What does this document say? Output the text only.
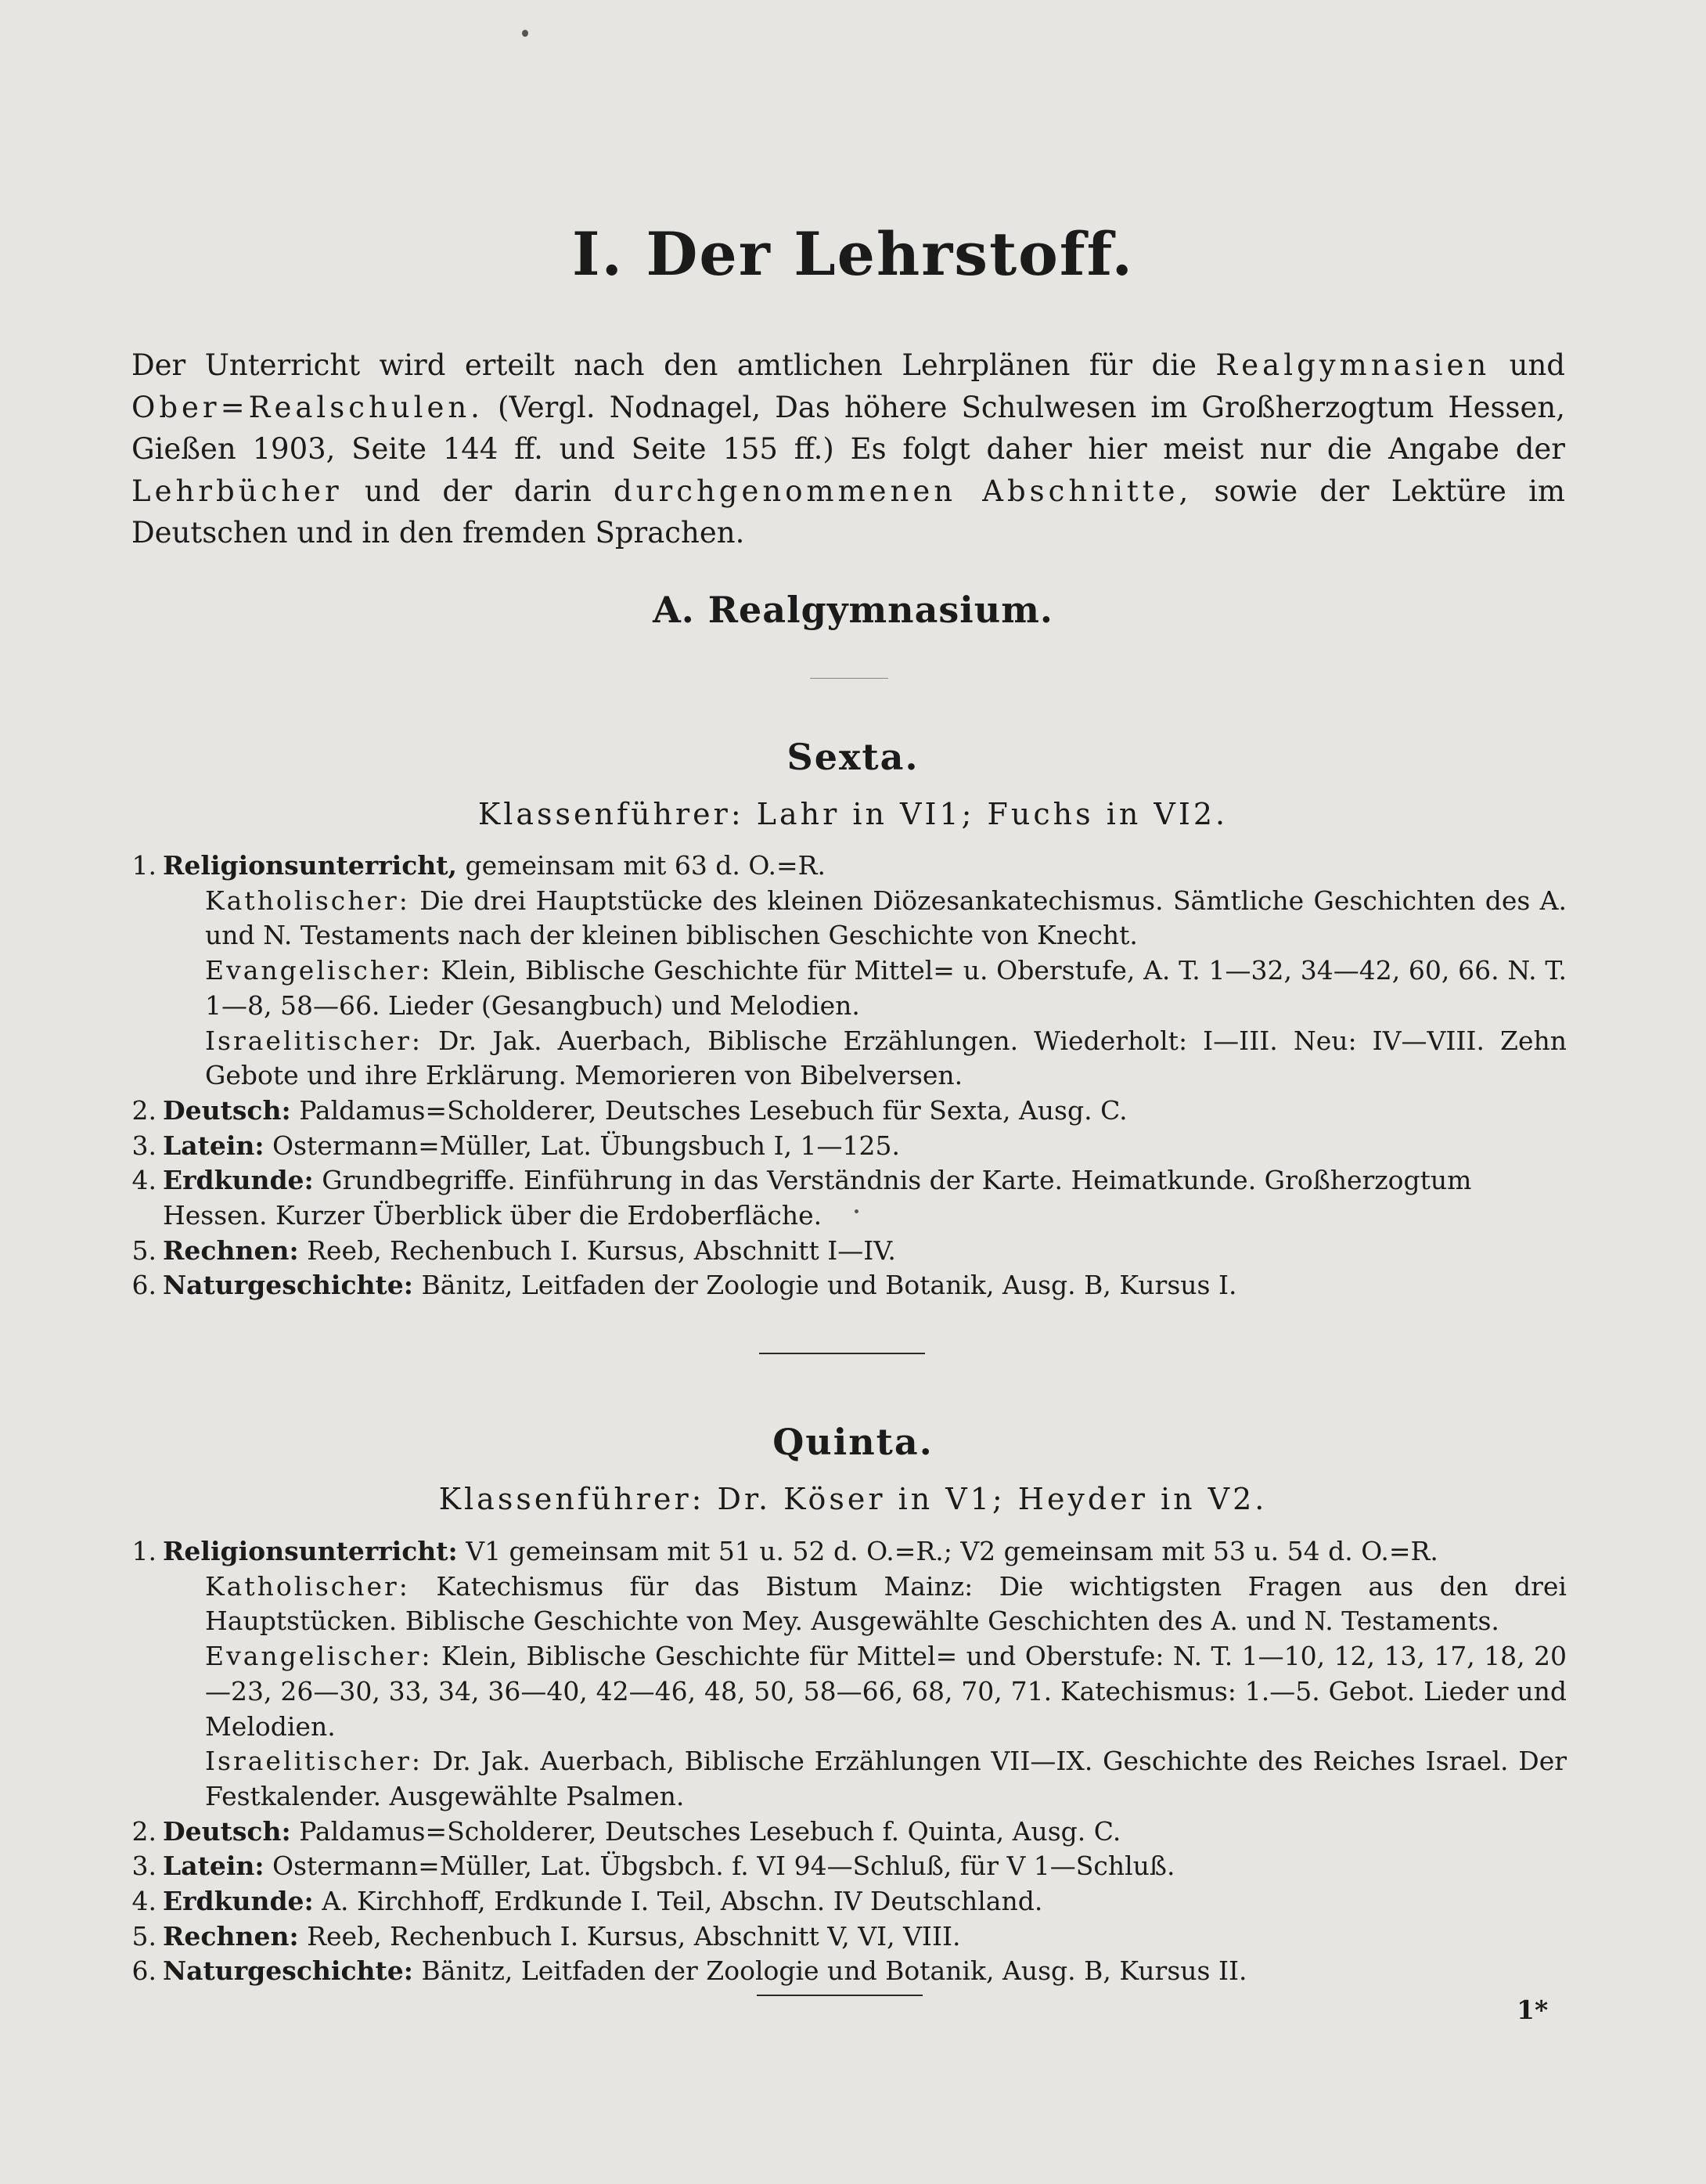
I. Der Lehrstoff.
Der Unterricht wird erteilt nach den amtlichen Lehrplänen für die Realgymnasien und Ober=Realschulen. (Vergl. Nodnagel, Das höhere Schulwesen im Großherzogtum Hessen, Gießen 1903, Seite 144 ff. und Seite 155 ff.) Es folgt daher hier meist nur die Angabe der Lehrbücher und der darin durchgenommenen Abschnitte, sowie der Lektüre im Deutschen und in den fremden Sprachen.
A. Realgymnasium.
Sexta.
Klassenführer: Lahr in VI1; Fuchs in VI2.
1. Religionsunterricht, gemeinsam mit 63 d. O.=R.
Katholischer: Die drei Hauptstücke des kleinen Diözesankatechismus. Sämtliche Geschichten des A. und N. Testaments nach der kleinen biblischen Geschichte von Knecht.
Evangelischer: Klein, Biblische Geschichte für Mittel= u. Oberstufe, A. T. 1—32, 34—42, 60, 66. N. T. 1—8, 58—66. Lieder (Gesangbuch) und Melodien.
Israelitischer: Dr. Jak. Auerbach, Biblische Erzählungen. Wiederholt: I—III. Neu: IV—VIII. Zehn Gebote und ihre Erklärung. Memorieren von Bibelversen.
2. Deutsch: Paldamus=Scholderer, Deutsches Lesebuch für Sexta, Ausg. C.
3. Latein: Ostermann=Müller, Lat. Übungsbuch I, 1—125.
4. Erdkunde: Grundbegriffe. Einführung in das Verständnis der Karte. Heimatkunde. Großherzogtum Hessen. Kurzer Überblick über die Erdoberfläche.
5. Rechnen: Reeb, Rechenbuch I. Kursus, Abschnitt I—IV.
6. Naturgeschichte: Bänitz, Leitfaden der Zoologie und Botanik, Ausg. B, Kursus I.
Quinta.
Klassenführer: Dr. Köser in V1; Heyder in V2.
1. Religionsunterricht: V1 gemeinsam mit 51 u. 52 d. O.=R.; V2 gemeinsam mit 53 u. 54 d. O.=R.
Katholischer: Katechismus für das Bistum Mainz: Die wichtigsten Fragen aus den drei Hauptstücken. Biblische Geschichte von Mey. Ausgewählte Geschichten des A. und N. Testaments.
Evangelischer: Klein, Biblische Geschichte für Mittel= und Oberstufe: N. T. 1—10, 12, 13, 17, 18, 20—23, 26—30, 33, 34, 36—40, 42—46, 48, 50, 58—66, 68, 70, 71. Katechismus: 1.—5. Gebot. Lieder und Melodien.
Israelitischer: Dr. Jak. Auerbach, Biblische Erzählungen VII—IX. Geschichte des Reiches Israel. Der Festkalender. Ausgewählte Psalmen.
2. Deutsch: Paldamus=Scholderer, Deutsches Lesebuch f. Quinta, Ausg. C.
3. Latein: Ostermann=Müller, Lat. Übgsbch. f. VI 94—Schluß, für V 1—Schluß.
4. Erdkunde: A. Kirchhoff, Erdkunde I. Teil, Abschn. IV Deutschland.
5. Rechnen: Reeb, Rechenbuch I. Kursus, Abschnitt V, VI, VIII.
6. Naturgeschichte: Bänitz, Leitfaden der Zoologie und Botanik, Ausg. B, Kursus II.
1*
